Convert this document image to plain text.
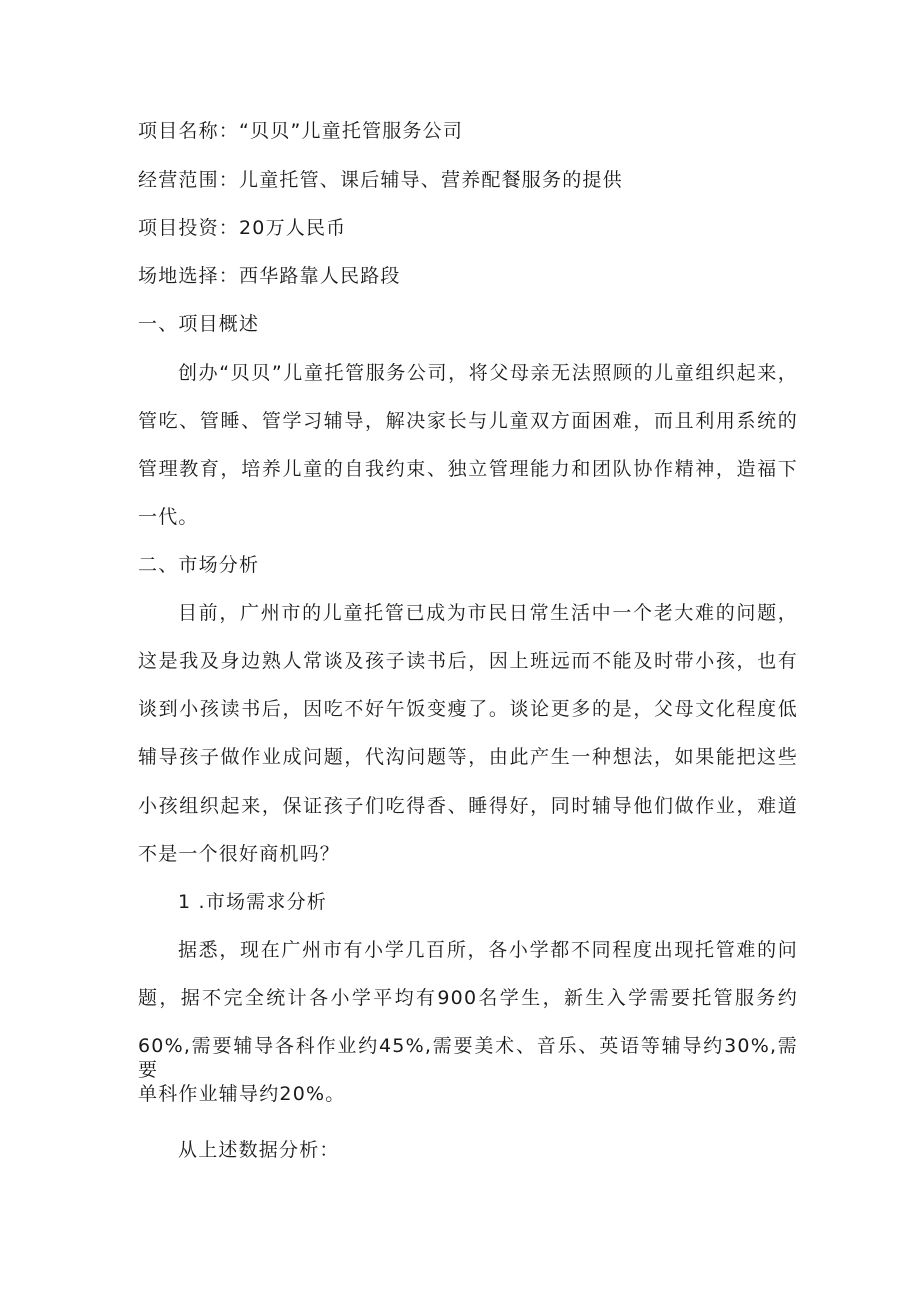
项目名称：“贝贝”儿童托管服务公司
经营范围：儿童托管、课后辅导、营养配餐服务的提供
项目投资：20万人民币
场地选择：西华路靠人民路段
一、项目概述
创办“贝贝”儿童托管服务公司，将父母亲无法照顾的儿童组织起来，
管吃、管睡、管学习辅导，解决家长与儿童双方面困难，而且利用系统的
管理教育，培养儿童的自我约束、独立管理能力和团队协作精神，造福下
一代。
二、市场分析
目前，广州市的儿童托管已成为市民日常生活中一个老大难的问题，
这是我及身边熟人常谈及孩子读书后，因上班远而不能及时带小孩，也有
谈到小孩读书后，因吃不好午饭变瘦了。谈论更多的是，父母文化程度低
辅导孩子做作业成问题，代沟问题等，由此产生一种想法，如果能把这些
小孩组织起来，保证孩子们吃得香、睡得好，同时辅导他们做作业，难道
不是一个很好商机吗？
1 .市场需求分析
据悉，现在广州市有小学几百所，各小学都不同程度出现托管难的问
题，据不完全统计各小学平均有900名学生，新生入学需要托管服务约
60%,需要辅导各科作业约45%,需要美术、音乐、英语等辅导约30%,需要
单科作业辅导约20%。
从上述数据分析：
